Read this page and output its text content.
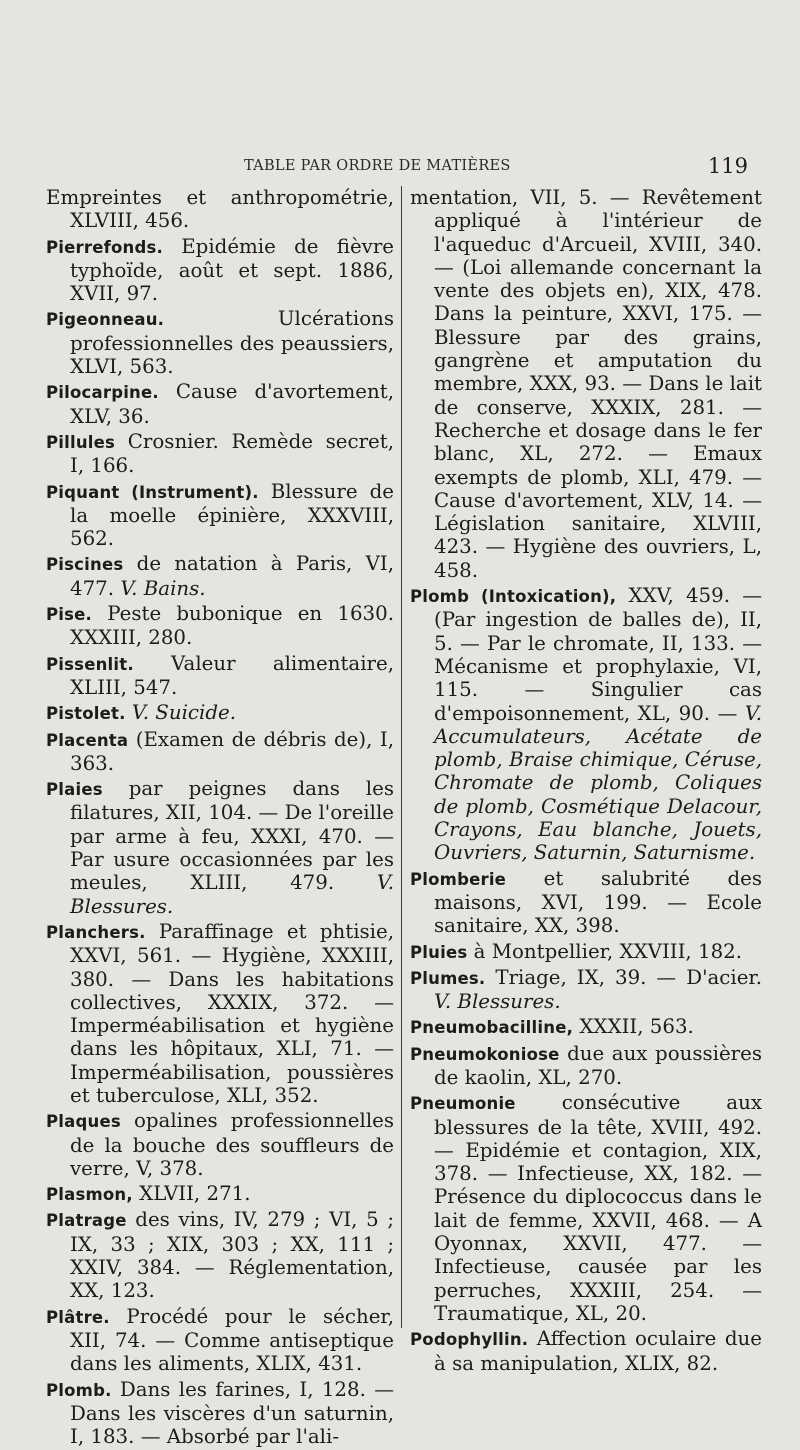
TABLE PAR ORDRE DE MATIÈRES	119

Empreintes et anthropométrie, XLVIII, 456.

Pierrefonds. Epidémie de fièvre typhoïde, août et sept. 1886, XVII, 97.

Pigeonneau. Ulcérations professionnelles des peaussiers, XLVI, 563.

Pilocarpine. Cause d'avortement, XLV, 36.

Pillules Crosnier. Remède secret, I, 166.

Piquant (Instrument). Blessure de la moelle épinière, XXXVIII, 562.

Piscines de natation à Paris, VI, 477. V. Bains.

Pise. Peste bubonique en 1630. XXXIII, 280.

Pissenlit. Valeur alimentaire, XLIII, 547.

Pistolet. V. Suicide.

Placenta (Examen de débris de), I, 363.

Plaies par peignes dans les filatures, XII, 104. — De l'oreille par arme à feu, XXXI, 470. — Par usure occasionnées par les meules, XLIII, 479. V. Blessures.

Planchers. Paraffinage et phtisie, XXVI, 561. — Hygiène, XXXIII, 380. — Dans les habitations collectives, XXXIX, 372. — Imperméabilisation et hygiène dans les hôpitaux, XLI, 71. — Imperméabilisation, poussières et tuberculose, XLI, 352.

Plaques opalines professionnelles de la bouche des souffleurs de verre, V, 378.

Plasmon, XLVII, 271.

Platrage des vins, IV, 279 ; VI, 5 ; IX, 33 ; XIX, 303 ; XX, 111 ; XXIV, 384. — Réglementation, XX, 123.

Plâtre. Procédé pour le sécher, XII, 74. — Comme antiseptique dans les aliments, XLIX, 431.

Plomb. Dans les farines, I, 128. — Dans les viscères d'un saturnin, I, 183. — Absorbé par l'ali-

mentation, VII, 5. — Revêtement appliqué à l'intérieur de l'aqueduc d'Arcueil, XVIII, 340. — (Loi allemande concernant la vente des objets en), XIX, 478. Dans la peinture, XXVI, 175. — Blessure par des grains, gangrène et amputation du membre, XXX, 93. — Dans le lait de conserve, XXXIX, 281. — Recherche et dosage dans le fer blanc, XL, 272. — Emaux exempts de plomb, XLI, 479. — Cause d'avortement, XLV, 14. — Législation sanitaire, XLVIII, 423. — Hygiène des ouvriers, L, 458.

Plomb (Intoxication), XXV, 459. — (Par ingestion de balles de), II, 5. — Par le chromate, II, 133. — Mécanisme et prophylaxie, VI, 115. — Singulier cas d'empoisonnement, XL, 90. — V. Accumulateurs, Acétate de plomb, Braise chimique, Céruse, Chromate de plomb, Coliques de plomb, Cosmétique Delacour, Crayons, Eau blanche, Jouets, Ouvriers, Saturnin, Saturnisme.

Plomberie et salubrité des maisons, XVI, 199. — Ecole sanitaire, XX, 398.

Pluies à Montpellier, XXVIII, 182.

Plumes. Triage, IX, 39. — D'acier. V. Blessures.

Pneumobacilline, XXXII, 563.

Pneumokoniose due aux poussières de kaolin, XL, 270.

Pneumonie consécutive aux blessures de la tête, XVIII, 492. — Epidémie et contagion, XIX, 378. — Infectieuse, XX, 182. — Présence du diplococcus dans le lait de femme, XXVII, 468. — A Oyonnax, XXVII, 477. — Infectieuse, causée par les perruches, XXXIII, 254. — Traumatique, XL, 20.

Podophyllin. Affection oculaire due à sa manipulation, XLIX, 82.
